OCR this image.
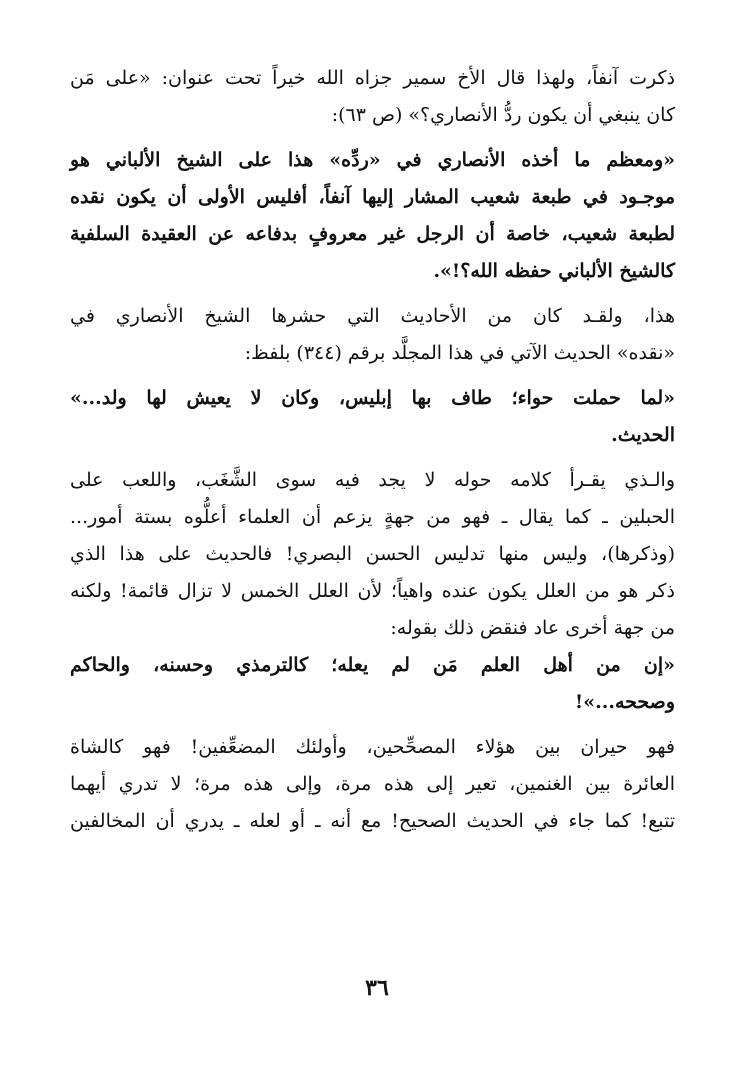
ذكرت آنفاً، ولهذا قال الأخ سمير جزاه الله خيراً تحت عنوان: «على مَن
كان ينبغي أن يكون ردُّ الأنصاري؟» (ص ٦٣):
«ومعظم ما أخذه الأنصاري في «ردِّه» هذا على الشيخ الألباني هو
موجـود في طبعة شعيب المشار إليها آنفاً، أفليس الأولى أن يكون نقده
لطبعة شعيب، خاصة أن الرجل غير معروفٍ بدفاعه عن العقيدة السلفية
كالشيخ الألباني حفظه الله؟!».
هذا، ولقـد كان من الأحاديث التي حشرها الشيخ الأنصاري في
«نقده» الحديث الآتي في هذا المجلَّد برقم (٣٤٤) بلفظ:
«لما حملت حواء؛ طاف بها إبليس، وكان لا يعيش لها ولد...»
الحديث.
والـذي يقـرأ كلامه حوله لا يجد فيه سوى الشَّغَب، واللعب على
الحبلين ـ كما يقال ـ فهو من جهةٍ يزعم أن العلماء أعلُّوه بستة أمور...
(وذكرها)، وليس منها تدليس الحسن البصري! فالحديث على هذا الذي
ذكر هو من العلل يكون عنده واهياً؛ لأن العلل الخمس لا تزال قائمة! ولكنه
من جهة أخرى عاد فنقض ذلك بقوله:
«إن من أهل العلم مَن لم يعله؛ كالترمذي وحسنه، والحاكم
وصححه...»!
فهو حيران بين هؤلاء المصحِّحين، وأولئك المضعِّفين! فهو كالشاة
العائرة بين الغنمين، تعير إلى هذه مرة، وإلى هذه مرة؛ لا تدري أيهما
تتبع! كما جاء في الحديث الصحيح! مع أنه ـ أو لعله ـ يدري أن المخالفين
٣٦
